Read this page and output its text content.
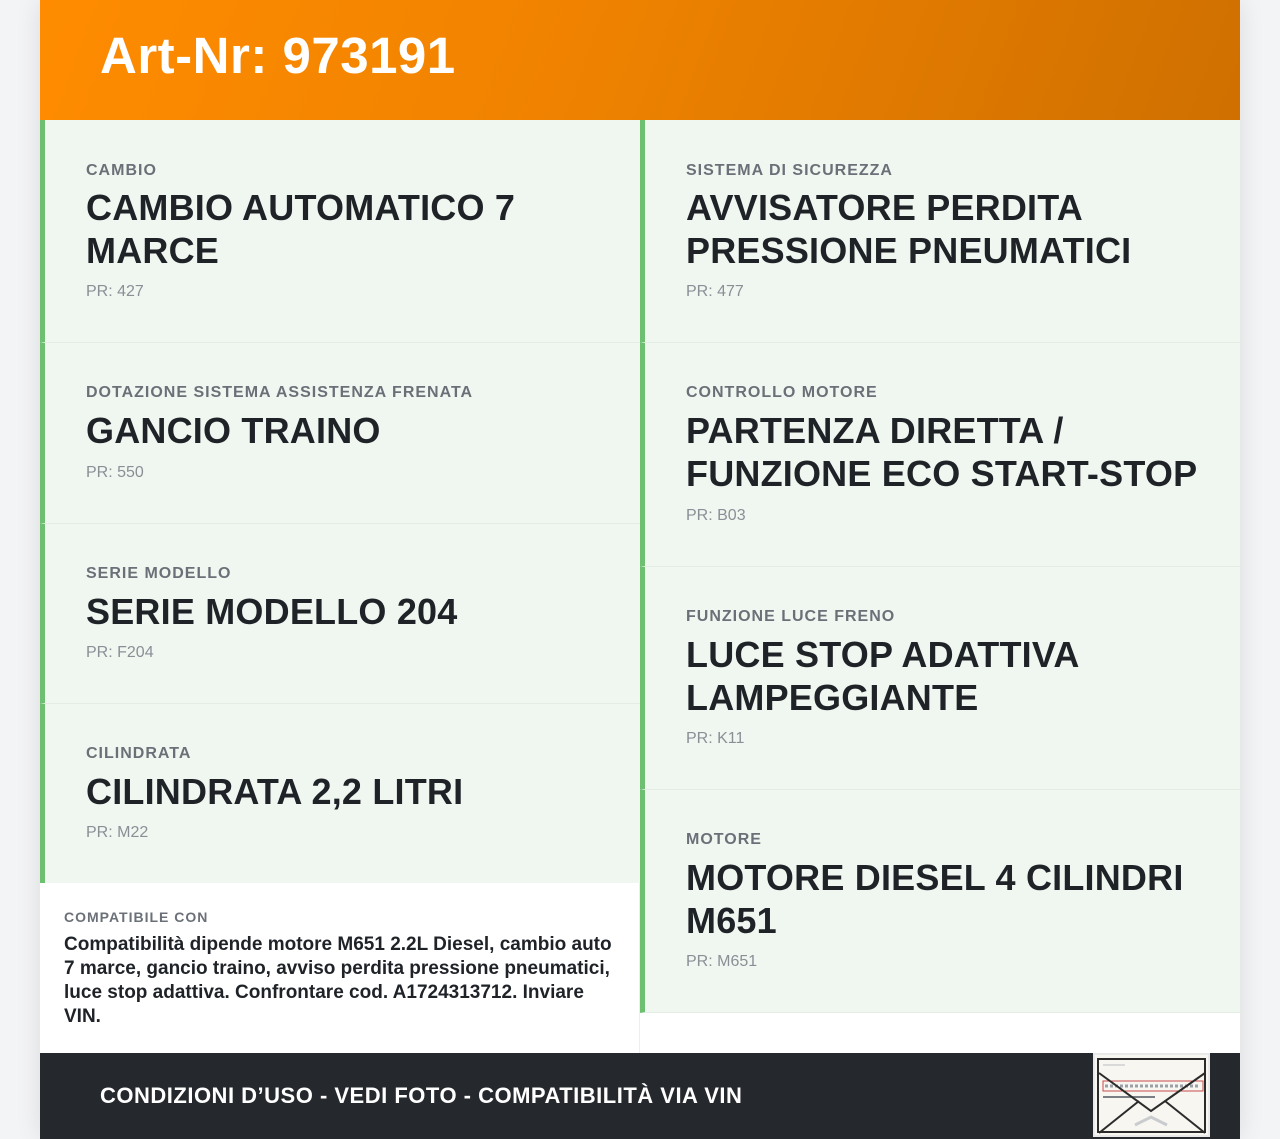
Art-Nr: 973191
CAMBIO
CAMBIO AUTOMATICO 7 MARCE
PR: 427
DOTAZIONE SISTEMA ASSISTENZA FRENATA
GANCIO TRAINO
PR: 550
SERIE MODELLO
SERIE MODELLO 204
PR: F204
CILINDRATA
CILINDRATA 2,2 LITRI
PR: M22
COMPATIBILE CON
Compatibilità dipende motore M651 2.2L Diesel, cambio auto 7 marce, gancio traino, avviso perdita pressione pneumatici, luce stop adattiva. Confrontare cod. A1724313712. Inviare VIN.
SISTEMA DI SICUREZZA
AVVISATORE PERDITA PRESSIONE PNEUMATICI
PR: 477
CONTROLLO MOTORE
PARTENZA DIRETTA / FUNZIONE ECO START-STOP
PR: B03
FUNZIONE LUCE FRENO
LUCE STOP ADATTIVA LAMPEGGIANTE
PR: K11
MOTORE
MOTORE DIESEL 4 CILINDRI M651
PR: M651
CONDIZIONI D’USO - VEDI FOTO - COMPATIBILITÀ VIA VIN
